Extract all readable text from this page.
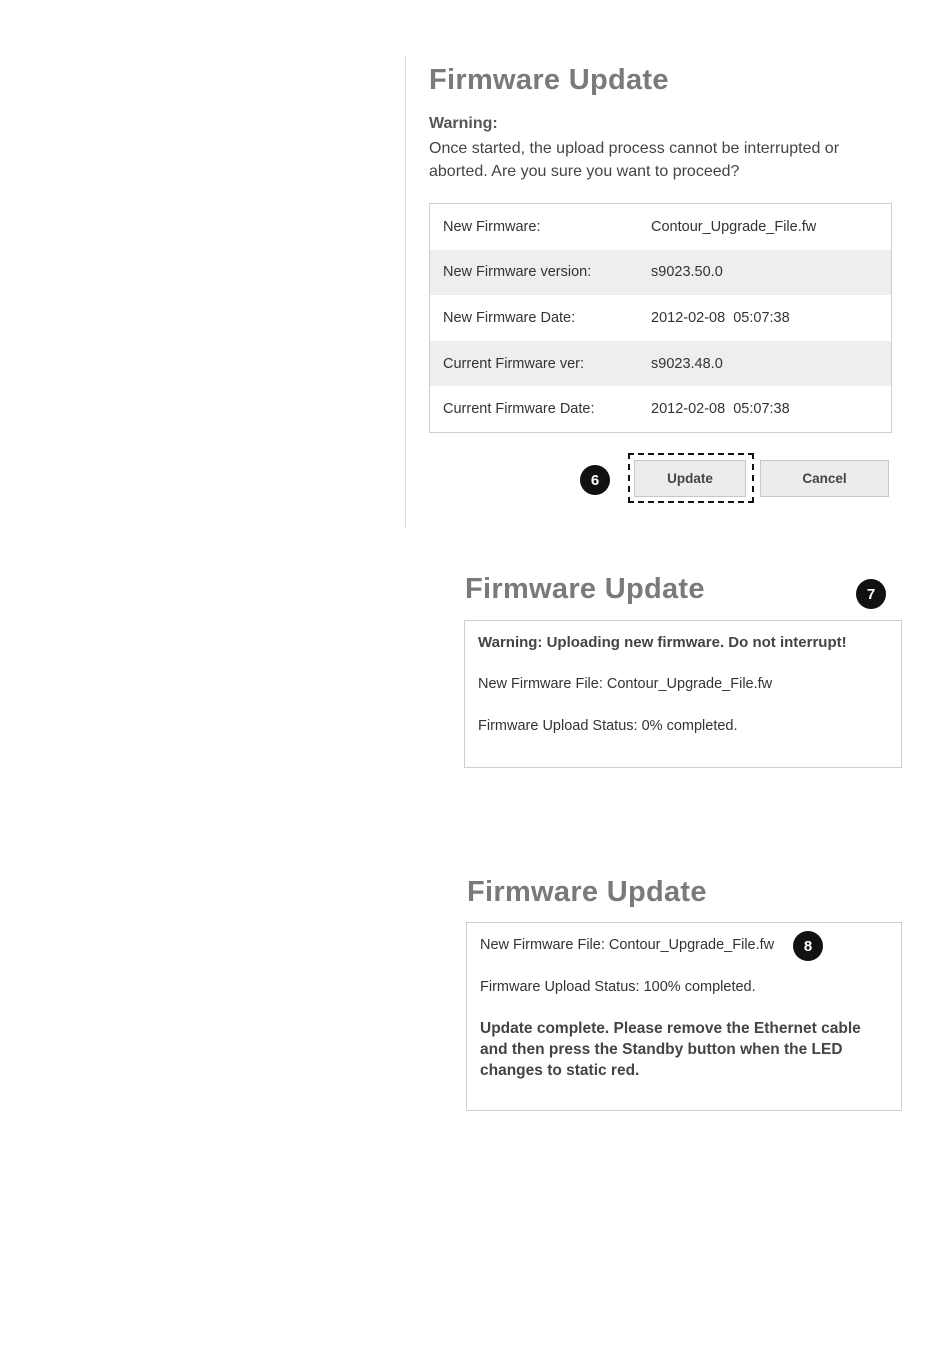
Firmware Update
Warning:
Once started, the upload process cannot be interrupted or aborted. Are you sure you want to proceed?
New Firmware:	Contour_Upgrade_File.fw
New Firmware version:	s9023.50.0
New Firmware Date:	2012-02-08  05:07:38
Current Firmware ver:	s9023.48.0
Current Firmware Date:	2012-02-08  05:07:38
6	Update	Cancel
Firmware Update	7
Warning: Uploading new firmware. Do not interrupt!
New Firmware File: Contour_Upgrade_File.fw
Firmware Upload Status: 0% completed.
Firmware Update
New Firmware File: Contour_Upgrade_File.fw
Firmware Upload Status: 100% completed.
Update complete. Please remove the Ethernet cable and then press the Standby button when the LED changes to static red.
8
